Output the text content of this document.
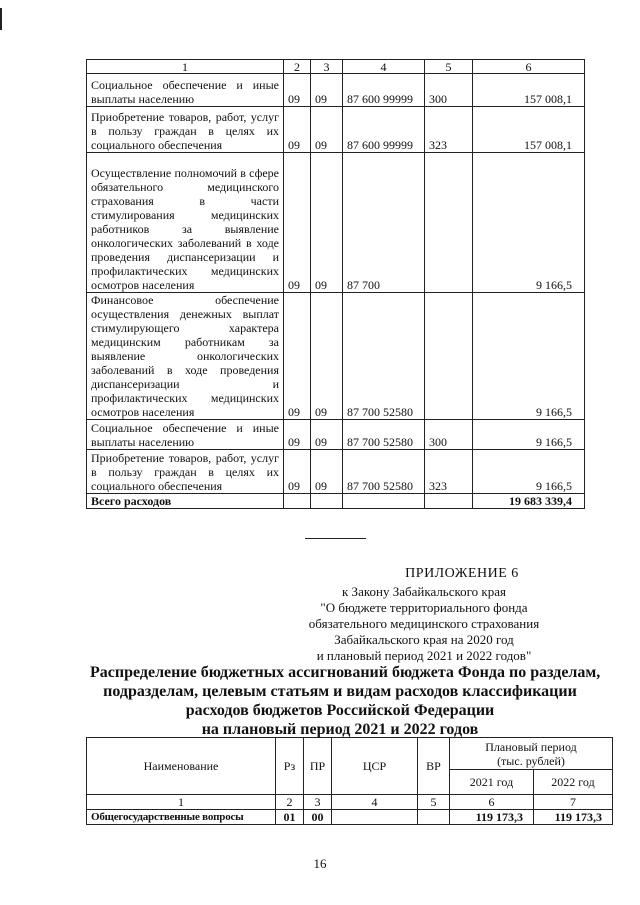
1	2	3	4	5	6
Социальное обеспечение и иные выплаты населению	09	09	87 600 99999	300	157 008,1
Приобретение товаров, работ, услуг в пользу граждан в целях их социального обеспечения	09	09	87 600 99999	323	157 008,1
Осуществление полномочий в сфере обязательного медицинского страхования в части стимулирования медицинских работников за выявление онкологических заболеваний в ходе проведения диспансеризации и профилактических медицинских осмотров населения	09	09	87 700		9 166,5
Финансовое обеспечение осуществления денежных выплат стимулирующего характера медицинским работникам за выявление онкологических заболеваний в ходе проведения диспансеризации и профилактических медицинских осмотров населения	09	09	87 700 52580		9 166,5
Социальное обеспечение и иные выплаты населению	09	09	87 700 52580	300	9 166,5
Приобретение товаров, работ, услуг в пользу граждан в целях их социального обеспечения	09	09	87 700 52580	323	9 166,5
Всего расходов					19 683 339,4
ПРИЛОЖЕНИЕ 6
к Закону Забайкальского края
"О бюджете территориального фонда
обязательного медицинского страхования
Забайкальского края на 2020 год
и плановый период 2021 и 2022 годов"
Распределение бюджетных ассигнований бюджета Фонда по разделам,
подразделам, целевым статьям и видам расходов классификации
расходов бюджетов Российской Федерации
на плановый период 2021 и 2022 годов
Наименование	Рз	ПР	ЦСР	ВР	Плановый период (тыс. рублей)	
					2021 год	2022 год
1	2	3	4	5	6	7
Общегосударственные вопросы	01	00			119 173,3	119 173,3
16
